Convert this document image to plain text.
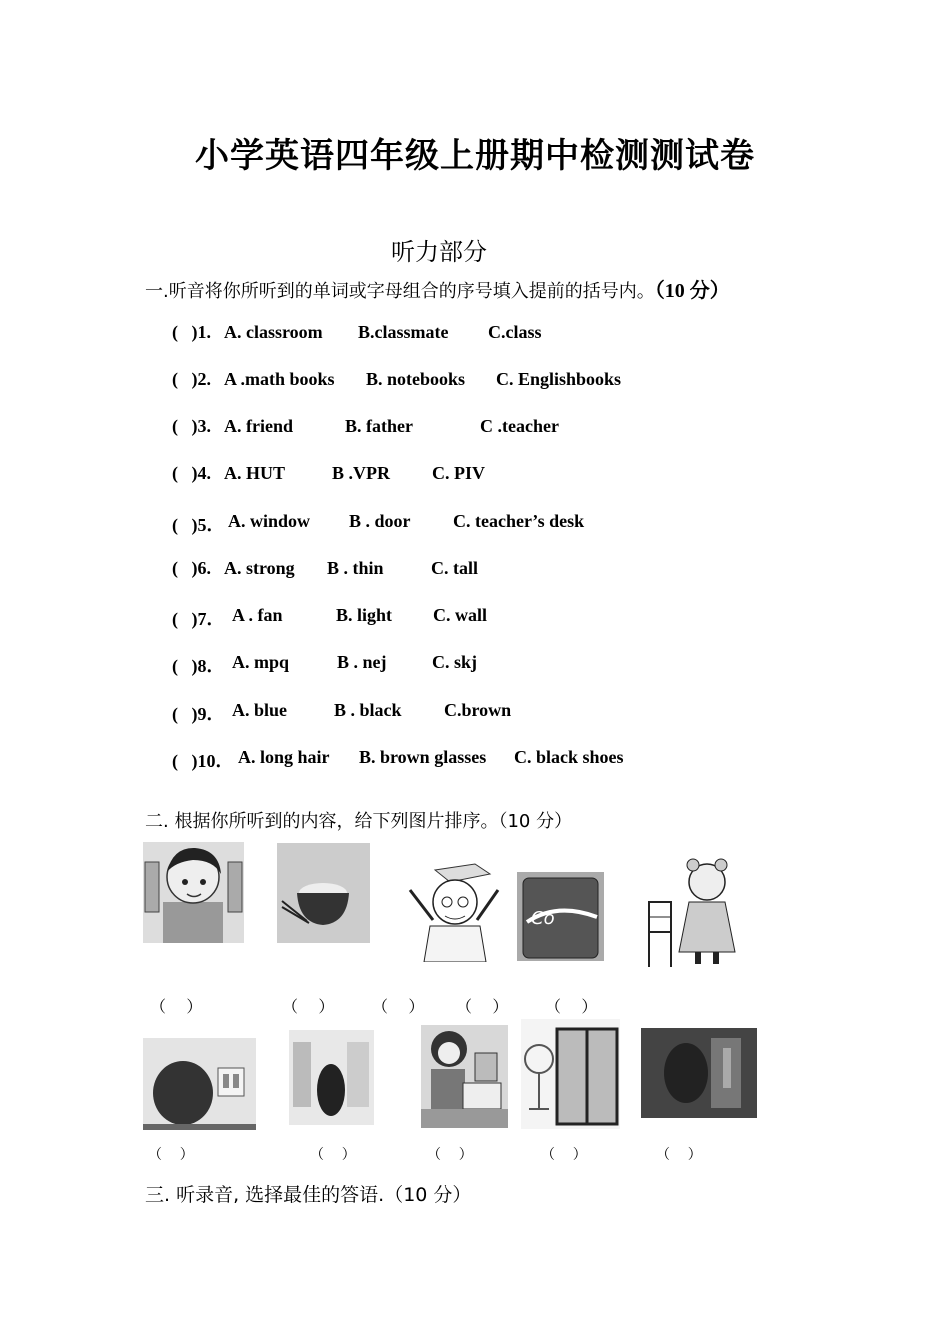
小学英语四年级上册期中检测测试卷
听力部分
一.听音将你所听到的单词或字母组合的序号填入提前的括号内。（10 分）
(   )1. A. classroom B.classmate C.class
(   )2. A .math books B. notebooks C. Englishbooks
(   )3. A. friend	B. father	C .teacher
(   )4. A. HUT	B .VPR C. PIV
(   )5． A. window B . door C. teacher’s desk
(   )6. A. strong B . thin	C. tall
(   )7． A . fan	B. light C. wall
(   )8． A. mpq	B . nej	C. skj
(   )9． A. blue	B . black C.brown
(   )10． A. long hair B. brown glasses C. black shoes
二. 根据你所听到的内容，给下列图片排序。（10 分）
Co
（    ）	（    ） （    ） （    ） （    ）
（    ）	（    ）	（    ）	（    ）	（    ）
三. 听录音, 选择最佳的答语.（10 分）
